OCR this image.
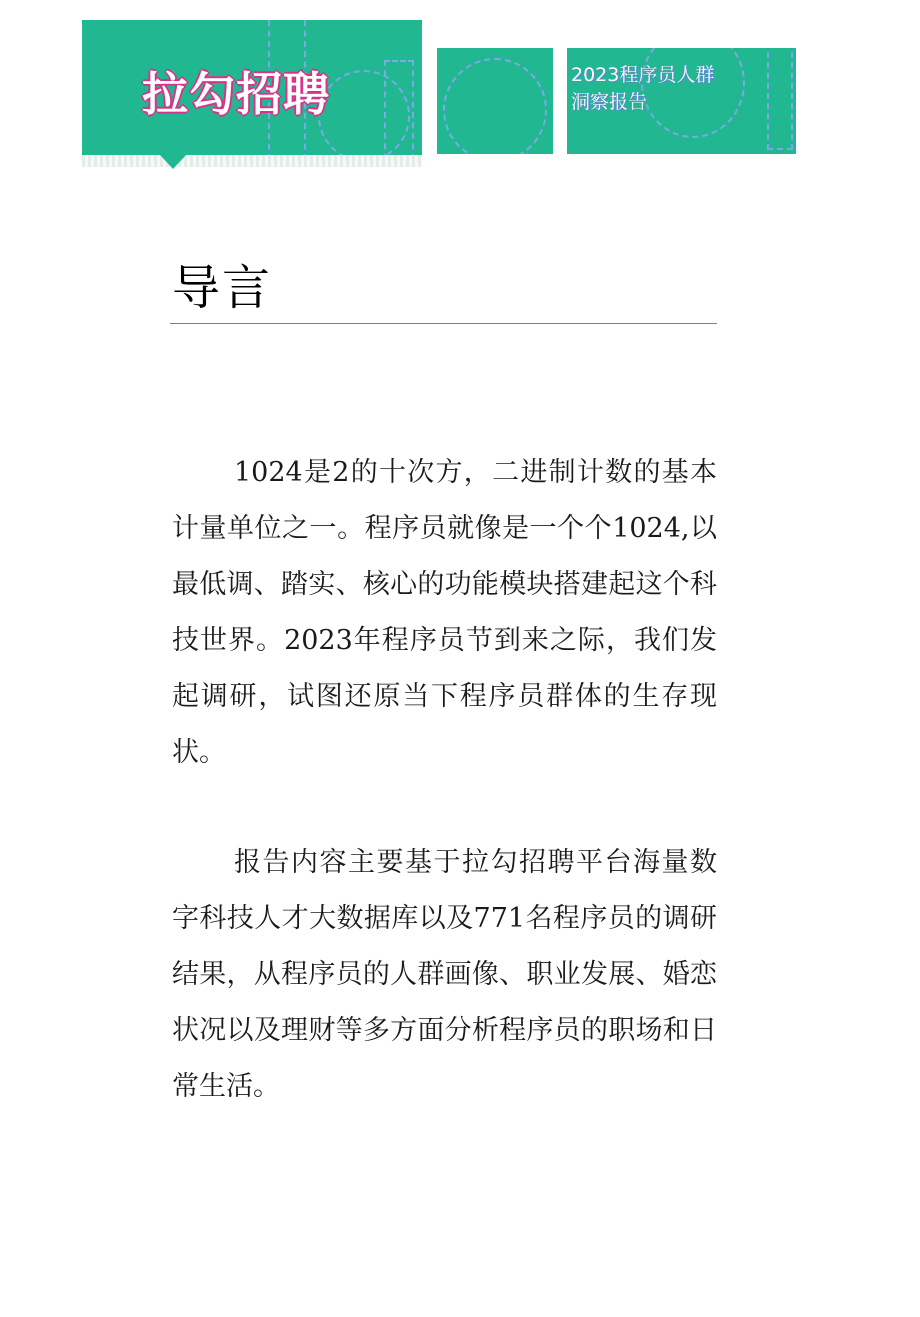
拉勾招聘	2023程序员人群
洞察报告
导言

1024是2的十次方，二进制计数的基本计量单位之一。程序员就像是一个个1024,以最低调、踏实、核心的功能模块搭建起这个科技世界。2023年程序员节到来之际，我们发起调研，试图还原当下程序员群体的生存现状。

报告内容主要基于拉勾招聘平台海量数字科技人才大数据库以及771名程序员的调研结果，从程序员的人群画像、职业发展、婚恋状况以及理财等多方面分析程序员的职场和日常生活。
